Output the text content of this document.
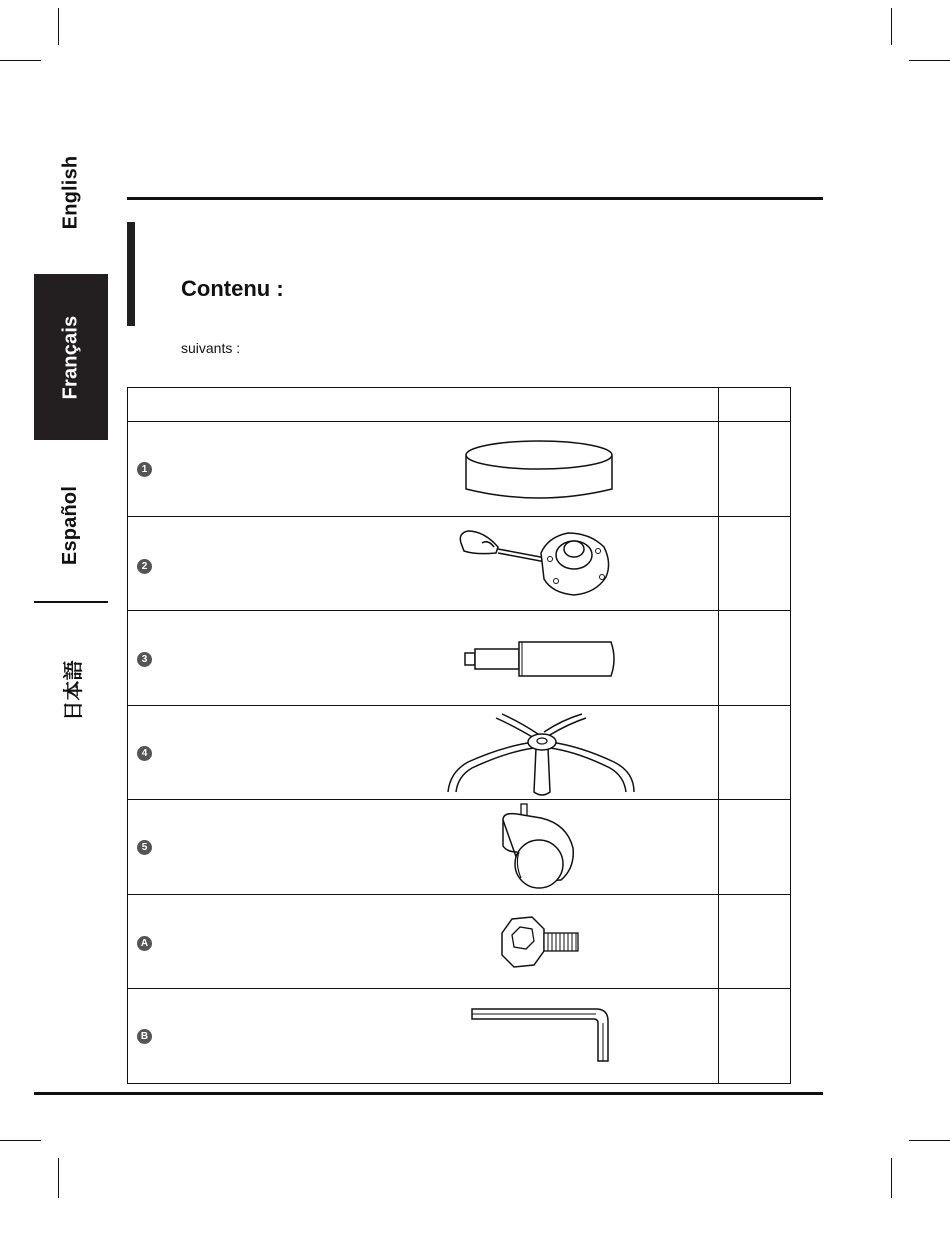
English
Français
Español
日本語
Contenu :
suivants :
1
2
3
4
5
A
B
